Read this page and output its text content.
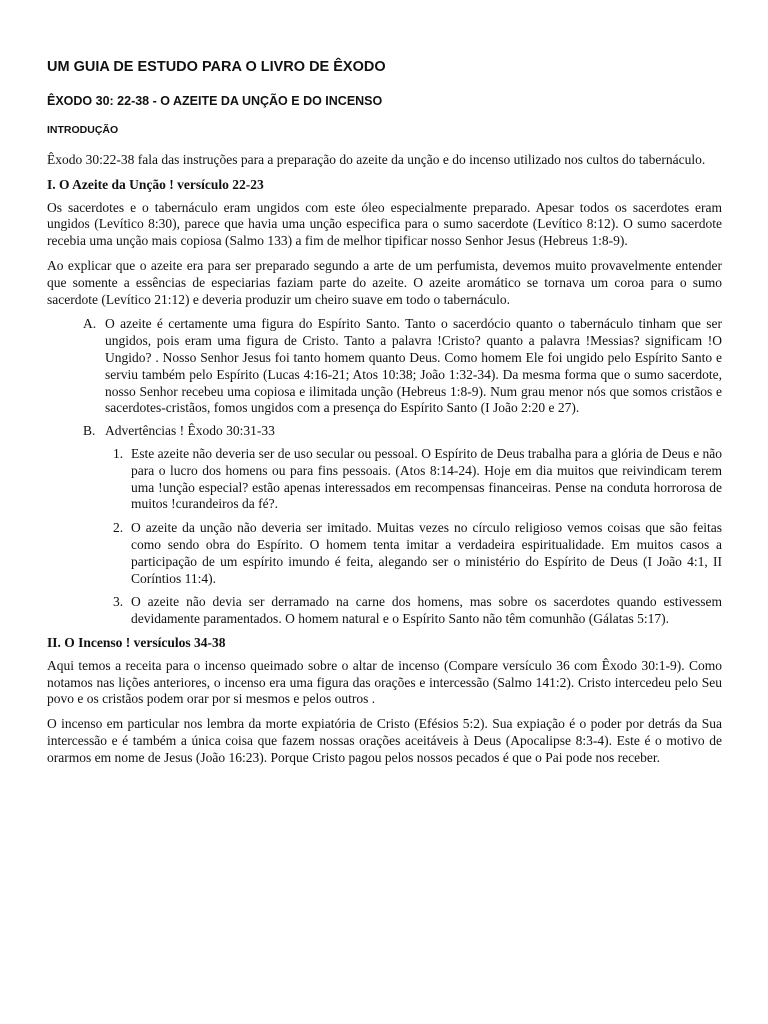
UM GUIA DE ESTUDO PARA O LIVRO DE ÊXODO
ÊXODO 30: 22-38 - O AZEITE DA UNÇÃO E DO INCENSO
INTRODUÇÃO
Êxodo 30:22-38 fala das instruções para a preparação do azeite da unção e do incenso utilizado nos cultos do tabernáculo.
I. O Azeite da Unção ! versículo 22-23
Os sacerdotes e o tabernáculo eram ungidos com este óleo especialmente preparado. Apesar todos os sacerdotes eram ungidos (Levítico 8:30), parece que havia uma unção especifica para o sumo sacerdote (Levítico 8:12). O sumo sacerdote recebia uma unção mais copiosa (Salmo 133) a fim de melhor tipificar nosso Senhor Jesus (Hebreus 1:8-9).
Ao explicar que o azeite era para ser preparado segundo a arte de um perfumista, devemos muito provavelmente entender que somente a essências de especiarias faziam parte do azeite. O azeite aromático se tornava um coroa para o sumo sacerdote (Levítico 21:12) e deveria produzir um cheiro suave em todo o tabernáculo.
A. O azeite é certamente uma figura do Espírito Santo. Tanto o sacerdócio quanto o tabernáculo tinham que ser ungidos, pois eram uma figura de Cristo. Tanto a palavra !Cristo? quanto a palavra !Messias? significam !O Ungido? . Nosso Senhor Jesus foi tanto homem quanto Deus. Como homem Ele foi ungido pelo Espírito Santo e serviu também pelo Espírito (Lucas 4:16-21; Atos 10:38; João 1:32-34). Da mesma forma que o sumo sacerdote, nosso Senhor recebeu uma copiosa e ilimitada unção (Hebreus 1:8-9). Num grau menor nós que somos cristãos e sacerdotes-cristãos, fomos ungidos com a presença do Espírito Santo (I João 2:20 e 27).
B. Advertências ! Êxodo 30:31-33
1. Este azeite não deveria ser de uso secular ou pessoal. O Espírito de Deus trabalha para a glória de Deus e não para o lucro dos homens ou para fins pessoais. (Atos 8:14-24). Hoje em dia muitos que reivindicam terem uma !unção especial? estão apenas interessados em recompensas financeiras. Pense na conduta horrorosa de muitos !curandeiros da fé?.
2. O azeite da unção não deveria ser imitado. Muitas vezes no círculo religioso vemos coisas que são feitas como sendo obra do Espírito. O homem tenta imitar a verdadeira espiritualidade. Em muitos casos a participação de um espírito imundo é feita, alegando ser o ministério do Espírito de Deus (I João 4:1, II Coríntios 11:4).
3. O azeite não devia ser derramado na carne dos homens, mas sobre os sacerdotes quando estivessem devidamente paramentados. O homem natural e o Espírito Santo não têm comunhão (Gálatas 5:17).
II. O Incenso ! versículos 34-38
Aqui temos a receita para o incenso queimado sobre o altar de incenso (Compare versículo 36 com Êxodo 30:1-9). Como notamos nas lições anteriores, o incenso era uma figura das orações e intercessão (Salmo 141:2). Cristo intercedeu pelo Seu povo e os cristãos podem orar por si mesmos e pelos outros .
O incenso em particular nos lembra da morte expiatória de Cristo (Efésios 5:2). Sua expiação é o poder por detrás da Sua intercessão e é também a única coisa que fazem nossas orações aceitáveis à Deus (Apocalipse 8:3-4). Este é o motivo de orarmos em nome de Jesus (João 16:23). Porque Cristo pagou pelos nossos pecados é que o Pai pode nos receber.
